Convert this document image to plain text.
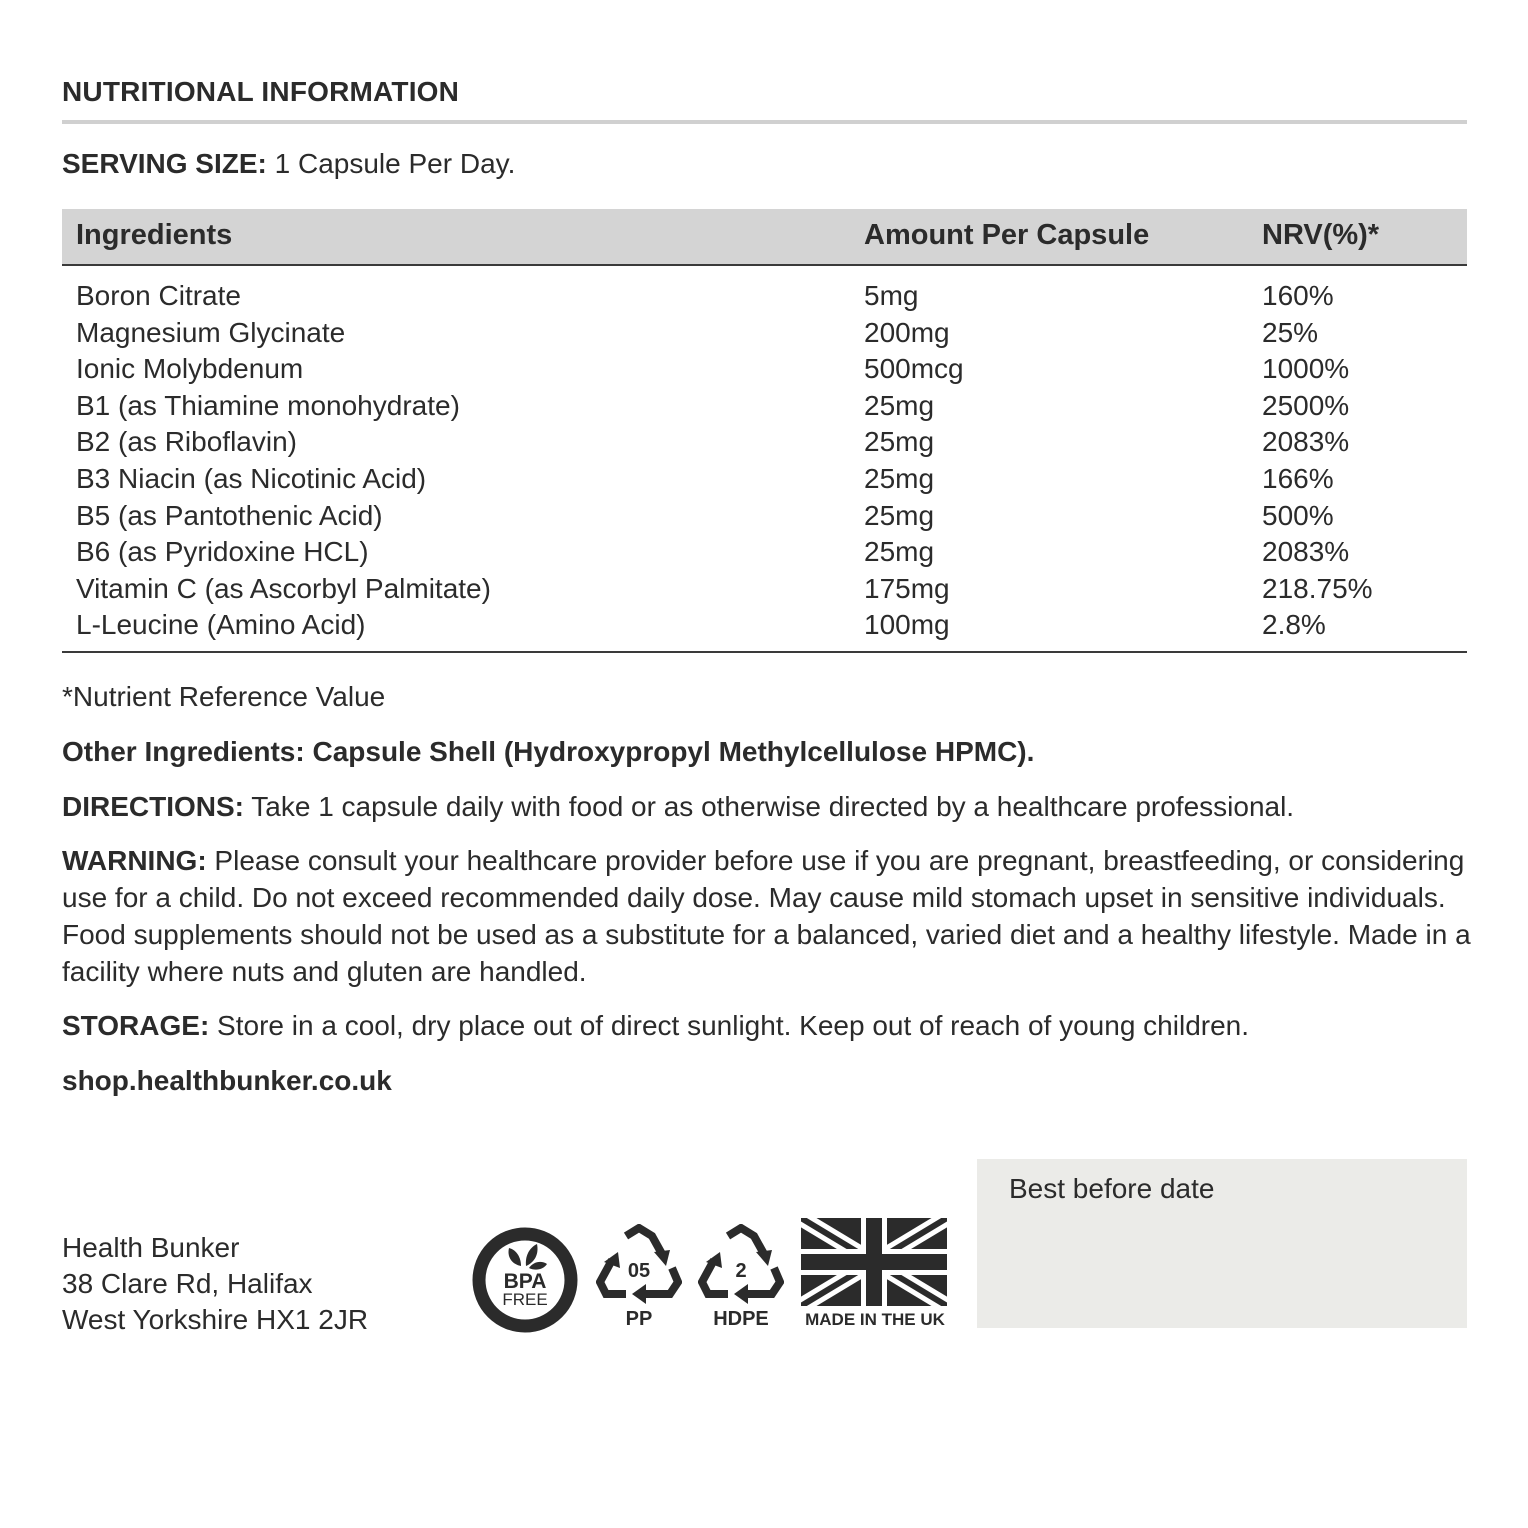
NUTRITIONAL INFORMATION
SERVING SIZE: 1 Capsule Per Day.
Ingredients	Amount Per Capsule	NRV(%)*
Boron Citrate	5mg	160%
Magnesium Glycinate	200mg	25%
Ionic Molybdenum	500mcg	1000%
B1 (as Thiamine monohydrate)	25mg	2500%
B2 (as Riboflavin)	25mg	2083%
B3 Niacin (as Nicotinic Acid)	25mg	166%
B5 (as Pantothenic Acid)	25mg	500%
B6 (as Pyridoxine HCL)	25mg	2083%
Vitamin C (as Ascorbyl Palmitate)	175mg	218.75%
L-Leucine (Amino Acid)	100mg	2.8%
*Nutrient Reference Value
Other Ingredients: Capsule Shell (Hydroxypropyl Methylcellulose HPMC).
DIRECTIONS: Take 1 capsule daily with food or as otherwise directed by a healthcare professional.
WARNING: Please consult your healthcare provider before use if you are pregnant, breastfeeding, or considering use for a child. Do not exceed recommended daily dose. May cause mild stomach upset in sensitive individuals. Food supplements should not be used as a substitute for a balanced, varied diet and a healthy lifestyle. Made in a facility where nuts and gluten are handled.
STORAGE: Store in a cool, dry place out of direct sunlight. Keep out of reach of young children.
shop.healthbunker.co.uk
Health Bunker
38 Clare Rd, Halifax
West Yorkshire HX1 2JR
BPA
FREE
05
PP
2
HDPE	MADE IN THE UK
Best before date
